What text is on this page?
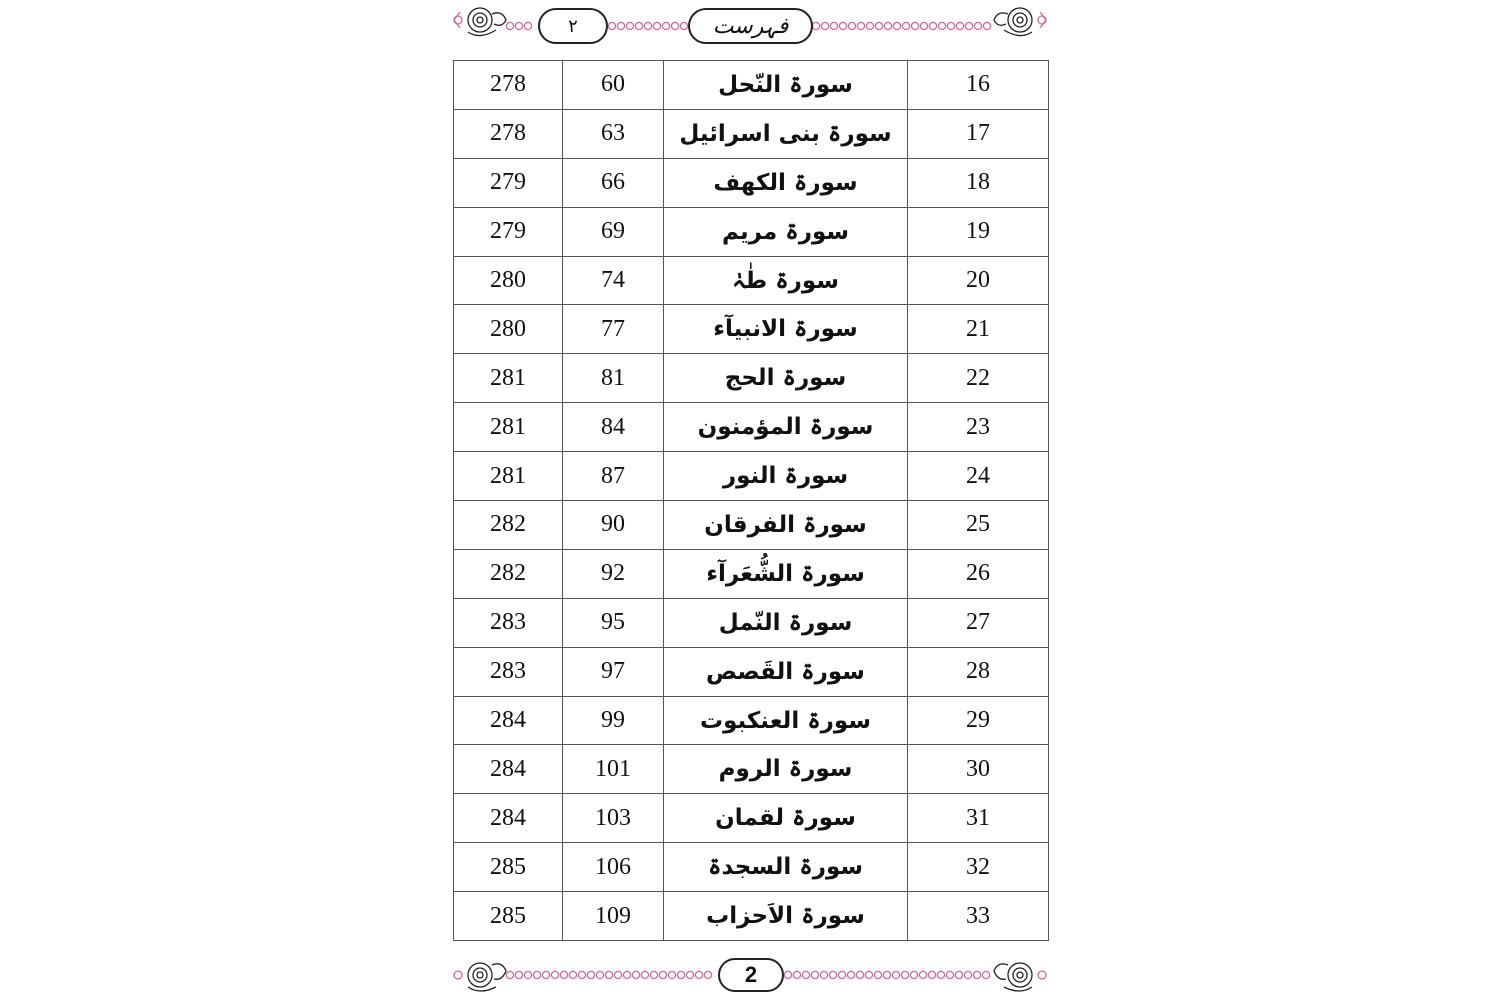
۲	فہرست
278	60	سورۃ النّحل	16
278	63	سورۃ بنی اسرائیل	17
279	66	سورۃ الکھف	18
279	69	سورۃ مریم	19
280	74	سورۃ طٰہٰ	20
280	77	سورۃ الانبیآء	21
281	81	سورۃ الحج	22
281	84	سورۃ المؤمنون	23
281	87	سورۃ النور	24
282	90	سورۃ الفرقان	25
282	92	سورۃ الشُّعَرآء	26
283	95	سورۃ النّمل	27
283	97	سورۃ القَصص	28
284	99	سورۃ العنکبوت	29
284	101	سورۃ الروم	30
284	103	سورۃ لقمان	31
285	106	سورۃ السجدۃ	32
285	109	سورۃ الاَحزاب	33
2
